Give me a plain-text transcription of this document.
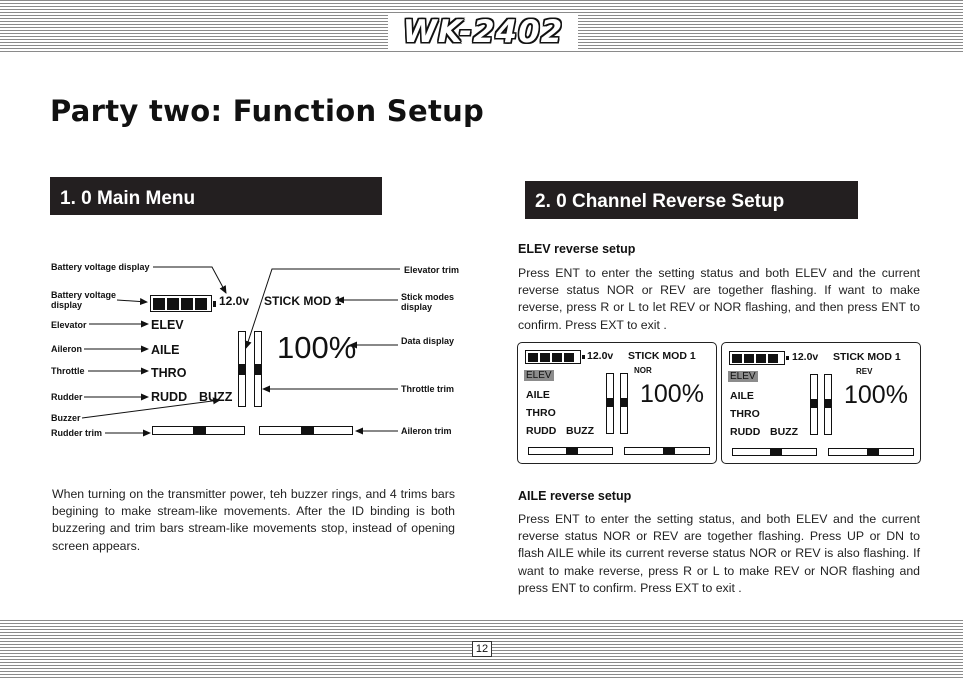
WK-2402
Party two: Function Setup
1. 0 Main Menu
Battery voltage display
Battery voltage
display
Elevator
Aileron
Throttle
Rudder
Buzzer
Rudder trim
Elevator trim
Stick modes
display
Data display
Throttle trim
Aileron trim
12.0v STICK MOD 1
ELEV
AILE
THRO
RUDD BUZZ
100%
When turning on the transmitter power, teh buzzer rings, and 4 trims bars begining to make stream-like movements. After the ID binding is both buzzering and trim bars stream-like movements stop, instead of opening screen appears.
2. 0 Channel Reverse Setup
ELEV reverse setup
Press ENT to enter the setting status and both ELEV and the current reverse status NOR or REV are together flashing. If want to make reverse, press R or L to let REV or NOR flashing, and then press ENT to confirm. Press EXT to exit .
12.0v STICK MOD 1
NOR
ELEV
AILE
THRO
RUDD BUZZ
100%
12.0v STICK MOD 1
REV
ELEV
AILE
THRO
RUDD BUZZ
100%
AILE reverse setup
Press ENT to enter the setting status, and both ELEV and the current reverse status NOR or REV are together flashing. Press UP or DN to flash AILE while its current reverse status NOR or REV is also flashing. If want to make reverse, press R or L to make REV or NOR flashing and press ENT to confirm. Press EXT to exit .
12
